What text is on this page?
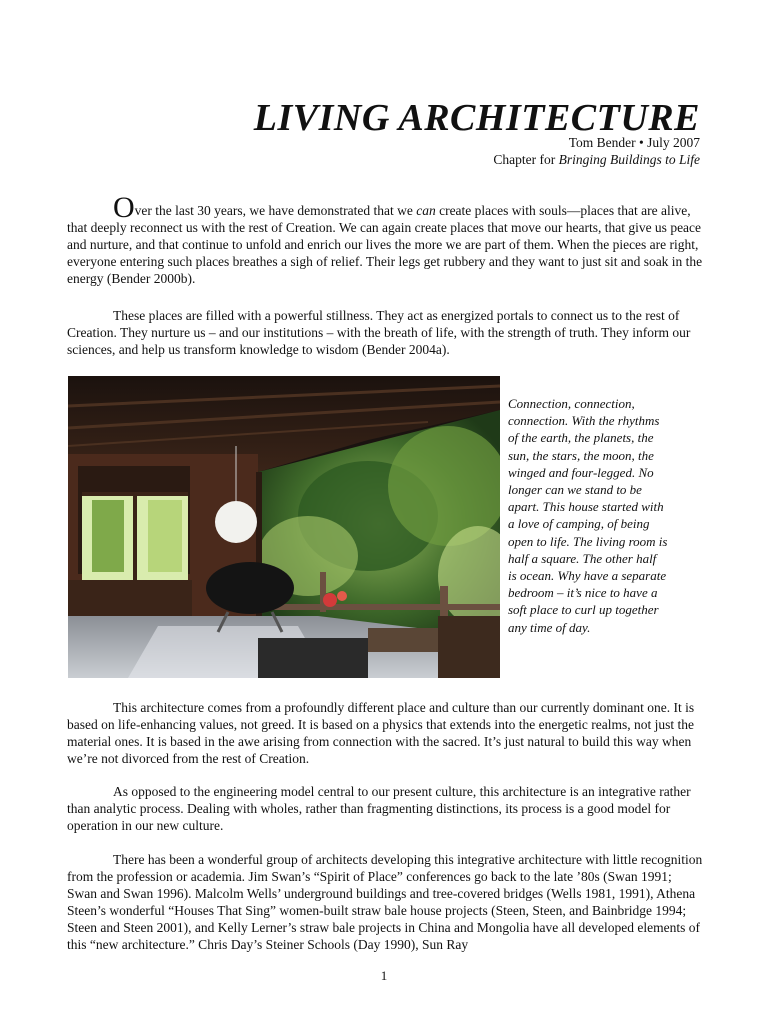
LIVING ARCHITECTURE
Tom Bender • July 2007
Chapter for Bringing Buildings to Life

Over the last 30 years, we have demonstrated that we can create places with souls—places that are alive, that deeply reconnect us with the rest of Creation. We can again create places that move our hearts, that give us peace and nurture, and that continue to unfold and enrich our lives the more we are part of them. When the pieces are right, everyone entering such places breathes a sigh of relief. Their legs get rubbery and they want to just sit and soak in the energy (Bender 2000b).

These places are filled with a powerful stillness. They act as energized portals to connect us to the rest of Creation. They nurture us – and our institutions – with the breath of life, with the strength of truth. They inform our sciences, and help us transform knowledge to wisdom (Bender 2004a).

Connection, connection, connection. With the rhythms of the earth, the planets, the sun, the stars, the moon, the winged and four-legged. No longer can we stand to be apart. This house started with a love of camping, of being open to life. The living room is half a square. The other half is ocean. Why have a separate bedroom – it’s nice to have a soft place to curl up together any time of day.

This architecture comes from a profoundly different place and culture than our currently dominant one. It is based on life-enhancing values, not greed. It is based on a physics that extends into the energetic realms, not just the material ones. It is based in the awe arising from connection with the sacred. It’s just natural to build this way when we’re not divorced from the rest of Creation.

As opposed to the engineering model central to our present culture, this architecture is an integrative rather than analytic process. Dealing with wholes, rather than fragmenting distinctions, its process is a good model for operation in our new culture.

There has been a wonderful group of architects developing this integrative architecture with little recognition from the profession or academia. Jim Swan’s “Spirit of Place” conferences go back to the late ’80s (Swan 1991; Swan and Swan 1996). Malcolm Wells’ underground buildings and tree-covered bridges (Wells 1981, 1991), Athena Steen’s wonderful “Houses That Sing” women-built straw bale house projects (Steen, Steen, and Bainbridge 1994; Steen and Steen 2001), and Kelly Lerner’s straw bale projects in China and Mongolia have all developed elements of this “new architecture.” Chris Day’s Steiner Schools (Day 1990), Sun Ray

1
